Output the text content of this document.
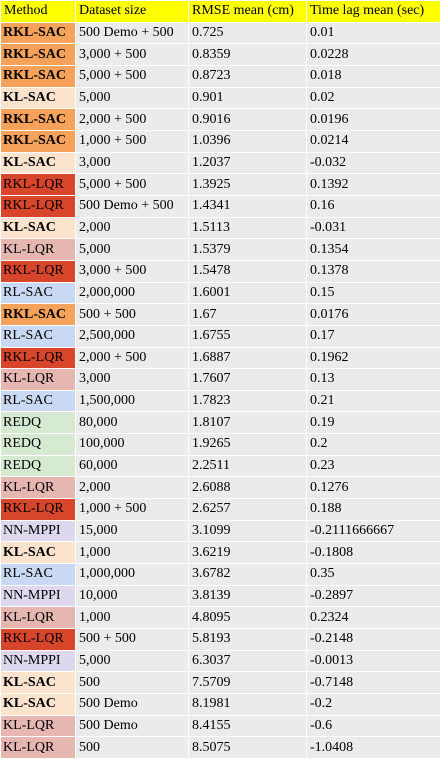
Method	Dataset size	RMSE mean (cm)	Time lag mean (sec)
RKL-SAC	500 Demo + 500	0.725	0.01
RKL-SAC	3,000 + 500	0.8359	0.0228
RKL-SAC	5,000 + 500	0.8723	0.018
KL-SAC	5,000	0.901	0.02
RKL-SAC	2,000 + 500	0.9016	0.0196
RKL-SAC	1,000 + 500	1.0396	0.0214
KL-SAC	3,000	1.2037	-0.032
RKL-LQR	5,000 + 500	1.3925	0.1392
RKL-LQR	500 Demo + 500	1.4341	0.16
KL-SAC	2,000	1.5113	-0.031
KL-LQR	5,000	1.5379	0.1354
RKL-LQR	3,000 + 500	1.5478	0.1378
RL-SAC	2,000,000	1.6001	0.15
RKL-SAC	500 + 500	1.67	0.0176
RL-SAC	2,500,000	1.6755	0.17
RKL-LQR	2,000 + 500	1.6887	0.1962
KL-LQR	3,000	1.7607	0.13
RL-SAC	1,500,000	1.7823	0.21
REDQ	80,000	1.8107	0.19
REDQ	100,000	1.9265	0.2
REDQ	60,000	2.2511	0.23
KL-LQR	2,000	2.6088	0.1276
RKL-LQR	1,000 + 500	2.6257	0.188
NN-MPPI	15,000	3.1099	-0.2111666667
KL-SAC	1,000	3.6219	-0.1808
RL-SAC	1,000,000	3.6782	0.35
NN-MPPI	10,000	3.8139	-0.2897
KL-LQR	1,000	4.8095	0.2324
RKL-LQR	500 + 500	5.8193	-0.2148
NN-MPPI	5,000	6.3037	-0.0013
KL-SAC	500	7.5709	-0.7148
KL-SAC	500 Demo	8.1981	-0.2
KL-LQR	500 Demo	8.4155	-0.6
KL-LQR	500	8.5075	-1.0408
